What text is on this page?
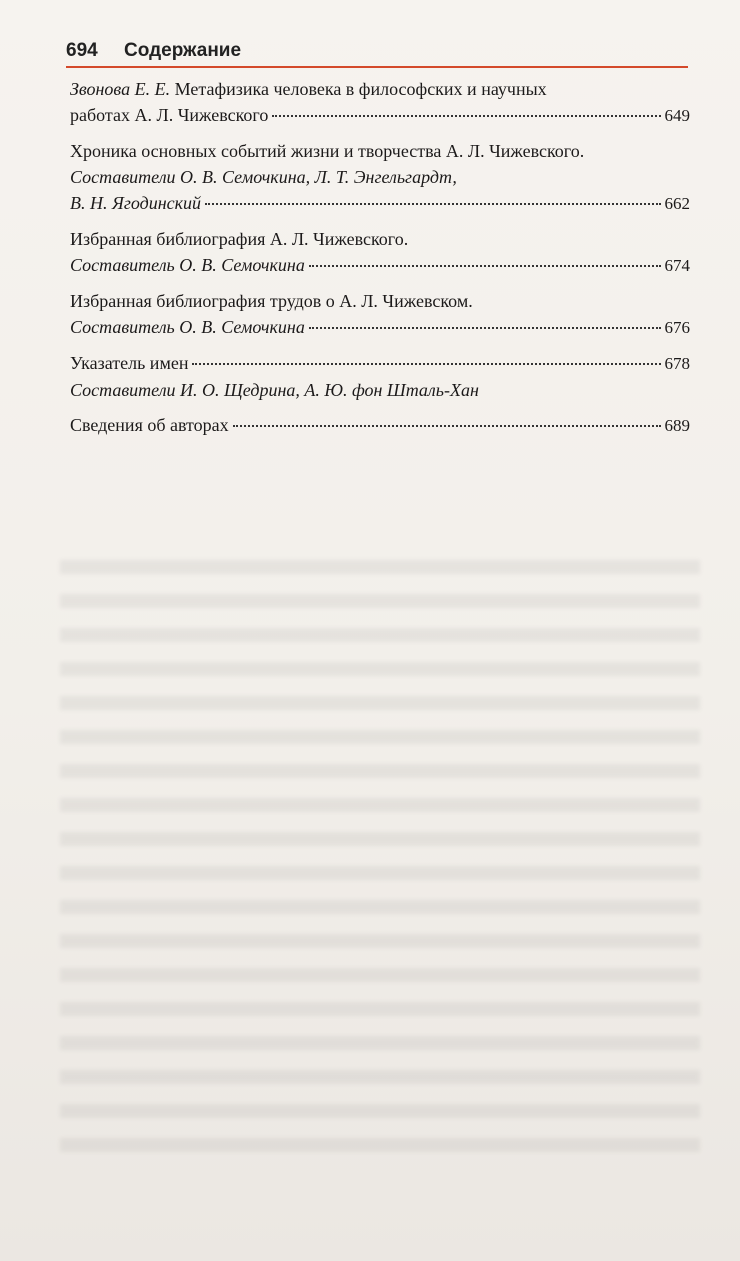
694 Содержание
Звонова Е. Е. Метафизика человека в философских и научных
работах А. Л. Чижевского	649
Хроника основных событий жизни и творчества А. Л. Чижевского.
Составители О. В. Семочкина, Л. Т. Энгельгардт,
В. Н. Ягодинский	662
Избранная библиография А. Л. Чижевского.
Составитель О. В. Семочкина	674
Избранная библиография трудов о А. Л. Чижевском.
Составитель О. В. Семочкина	676
Указатель имен	678
Составители И. О. Щедрина, А. Ю. фон Шталь-Хан
Сведения об авторах	689
